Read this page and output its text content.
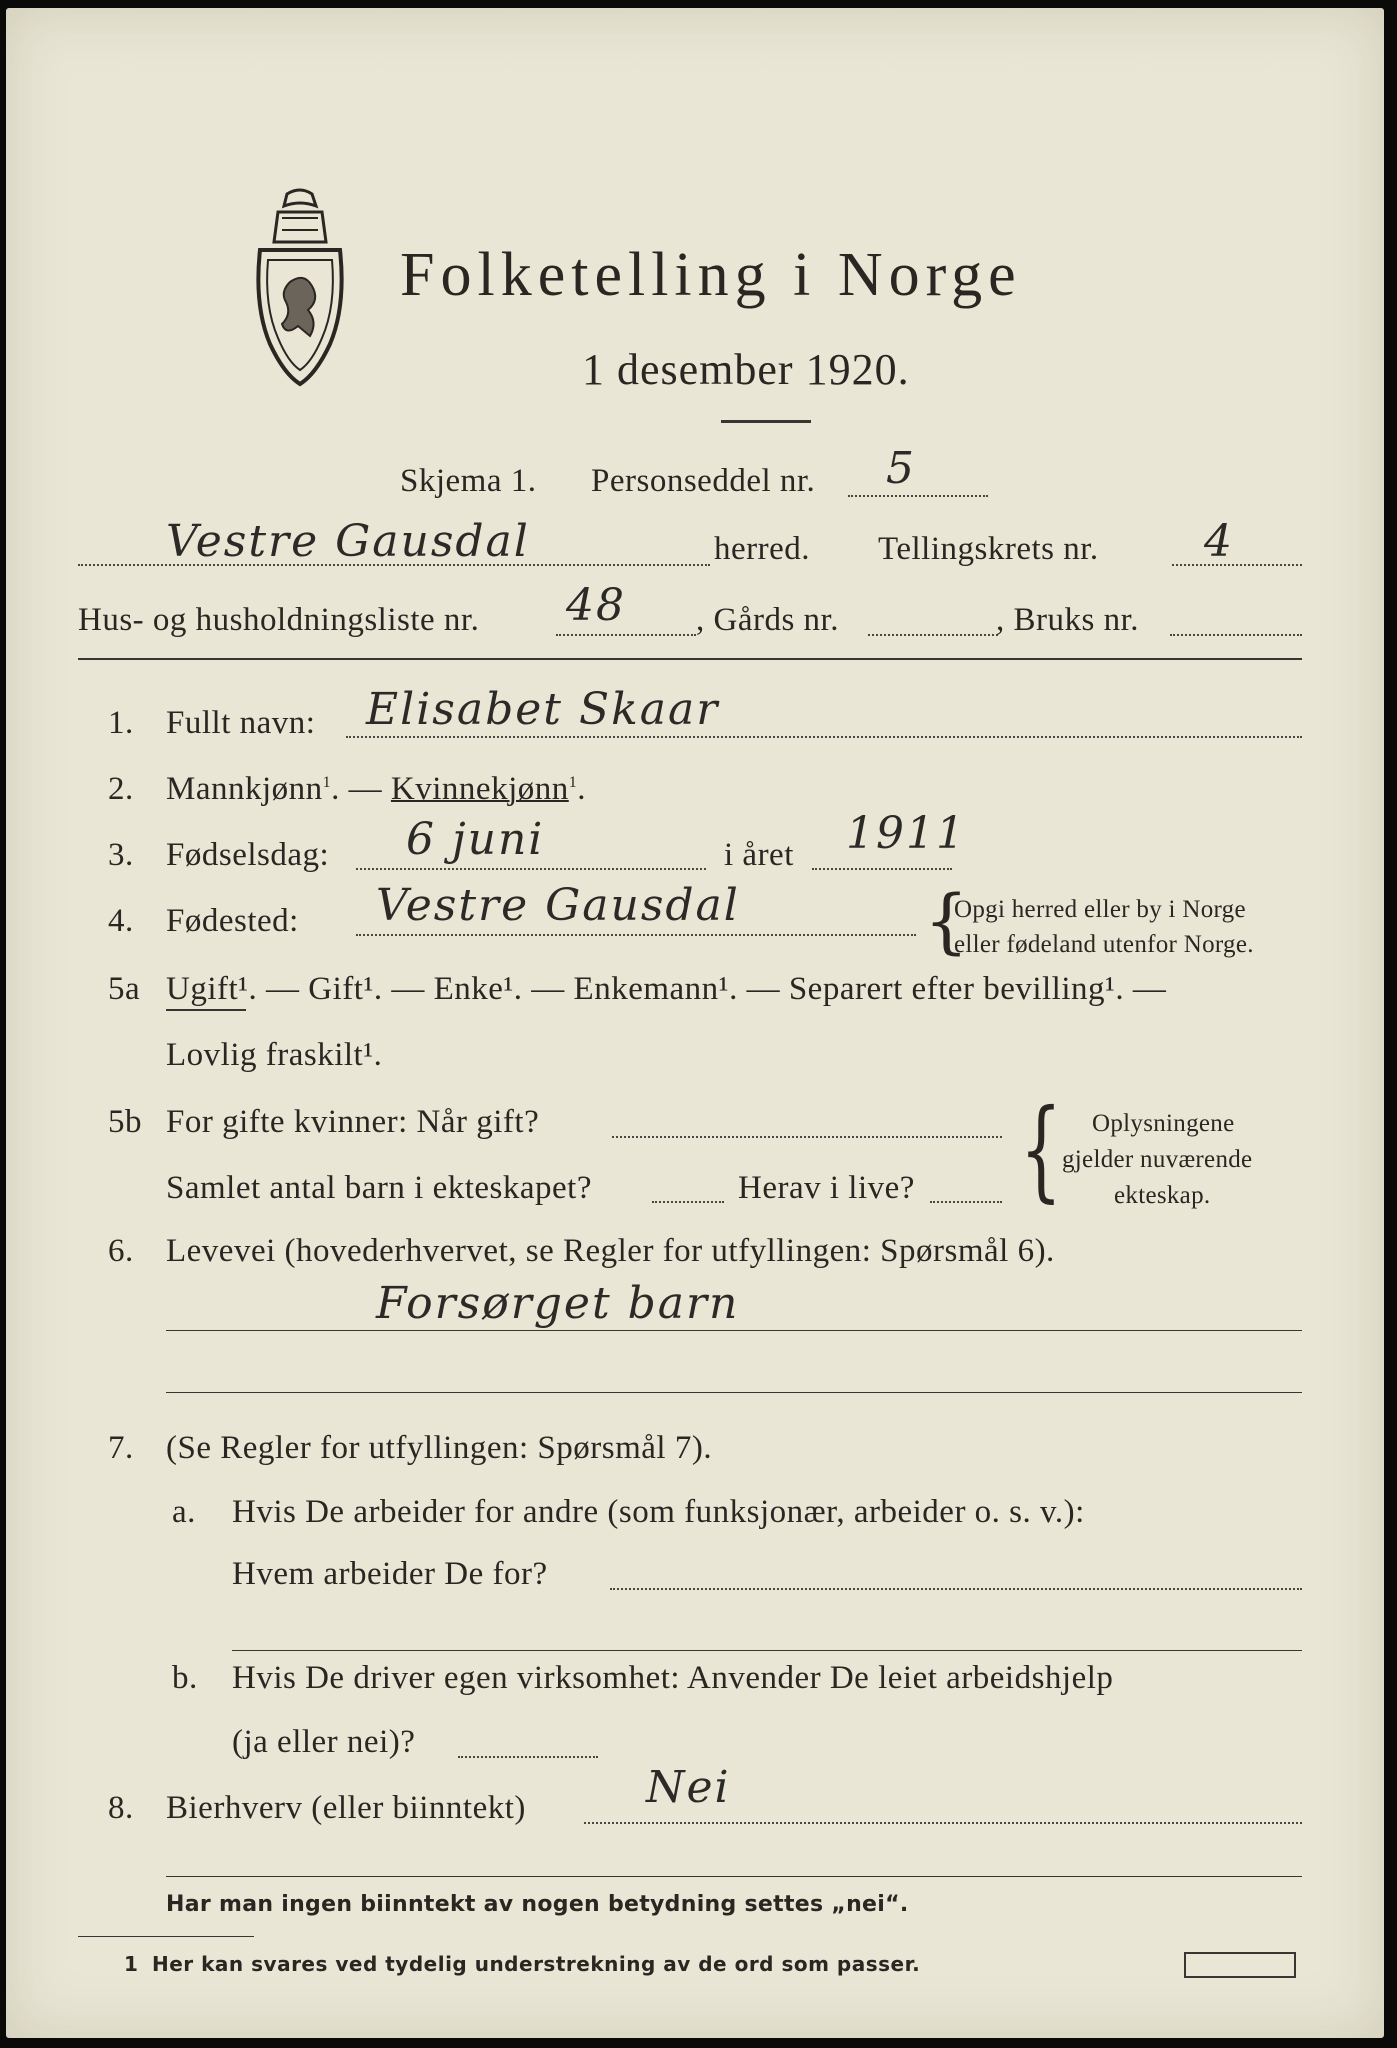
Folketelling i Norge
1 desember 1920.
Skjema 1. Personseddel nr. 5
Vestre Gausdal	herred. Tellingskrets nr. 4
Hus- og husholdningsliste nr. 48 , Gårds nr.	, Bruks nr.
1. Fullt navn: Elisabet Skaar
2. Mannkjønn$^1$. — Kvinnekjønn$^1$.
3. Fødselsdag: 6 juni	i året 1911
4. Fødested: Vestre Gausdal	{
Opgi herred eller by i Norge
eller fødeland utenfor Norge.
5a Ugift¹. — Gift¹. — Enke¹. — Enkemann¹. — Separert efter bevilling¹. —
Lovlig fraskilt¹.
5b For gifte kvinner: Når gift?
Samlet antal barn i ekteskapet?	Herav i live? { Oplysningene
gjelder nuværende
ekteskap.
6. Levevei (hovederhvervet, se Regler for utfyllingen: Spørsmål 6).
Forsørget barn
7. (Se Regler for utfyllingen: Spørsmål 7).
a. Hvis De arbeider for andre (som funksjonær, arbeider o. s. v.):
Hvem arbeider De for?
b. Hvis De driver egen virksomhet: Anvender De leiet arbeidshjelp
(ja eller nei)?
8. Bierhverv (eller biinntekt)	Nei
Har man ingen biinntekt av nogen betydning settes „nei“.
1 Her kan svares ved tydelig understrekning av de ord som passer.
